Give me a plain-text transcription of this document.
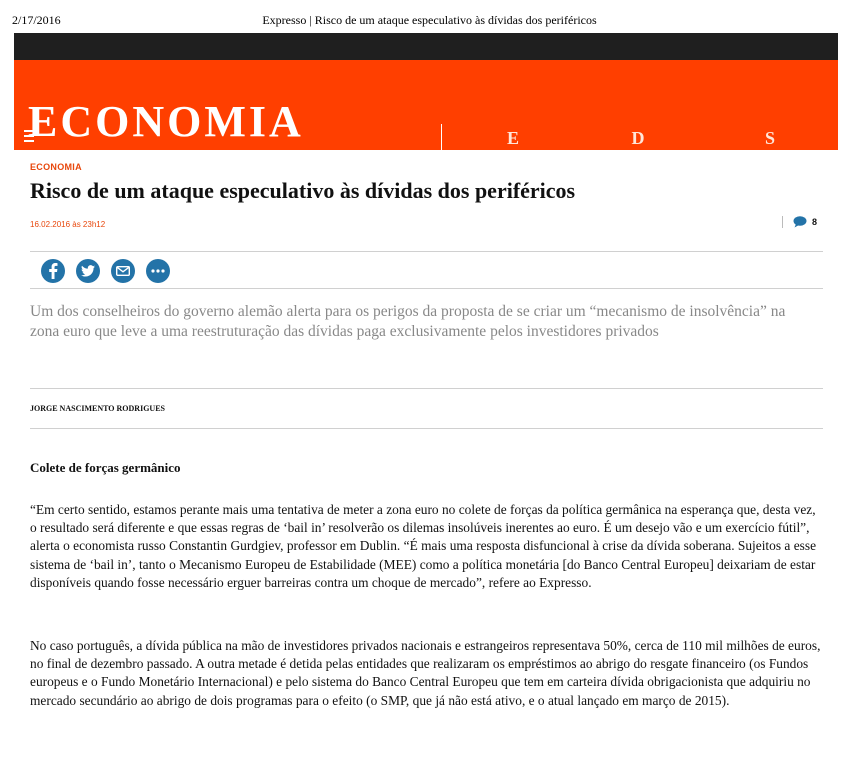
2/17/2016	Expresso | Risco de um ataque especulativo às dívidas dos periféricos
ECONOMIA	E	D	S
ECONOMIA
Risco de um ataque especulativo às dívidas dos periféricos
16.02.2016 às 23h12	8

Um dos conselheiros do governo alemão alerta para os perigos da proposta de se criar um “mecanismo de insolvência” na zona euro que leve a uma reestruturação das dívidas paga exclusivamente pelos investidores privados

JORGE NASCIMENTO RODRIGUES
Colete de forças germânico

“Em certo sentido, estamos perante mais uma tentativa de meter a zona euro no colete de forças da política germânica na esperança que, desta vez, o resultado será diferente e que essas regras de ‘bail in’ resolverão os dilemas insolúveis inerentes ao euro. É um desejo vão e um exercício fútil”, alerta o economista russo Constantin Gurdgiev, professor em Dublin. “É mais uma resposta disfuncional à crise da dívida soberana. Sujeitos a esse sistema de ‘bail in’, tanto o Mecanismo Europeu de Estabilidade (MEE) como a política monetária [do Banco Central Europeu] deixariam de estar disponíveis quando fosse necessário erguer barreiras contra um choque de mercado”, refere ao Expresso.

No caso português, a dívida pública na mão de investidores privados nacionais e estrangeiros representava 50%, cerca de 110 mil milhões de euros, no final de dezembro passado. A outra metade é detida pelas entidades que realizaram os empréstimos ao abrigo do resgate financeiro (os Fundos europeus e o Fundo Monetário Internacional) e pelo sistema do Banco Central Europeu que tem em carteira dívida obrigacionista que adquiriu no mercado secundário ao abrigo de dois programas para o efeito (o SMP, que já não está ativo, e o atual lançado em março de 2015).
